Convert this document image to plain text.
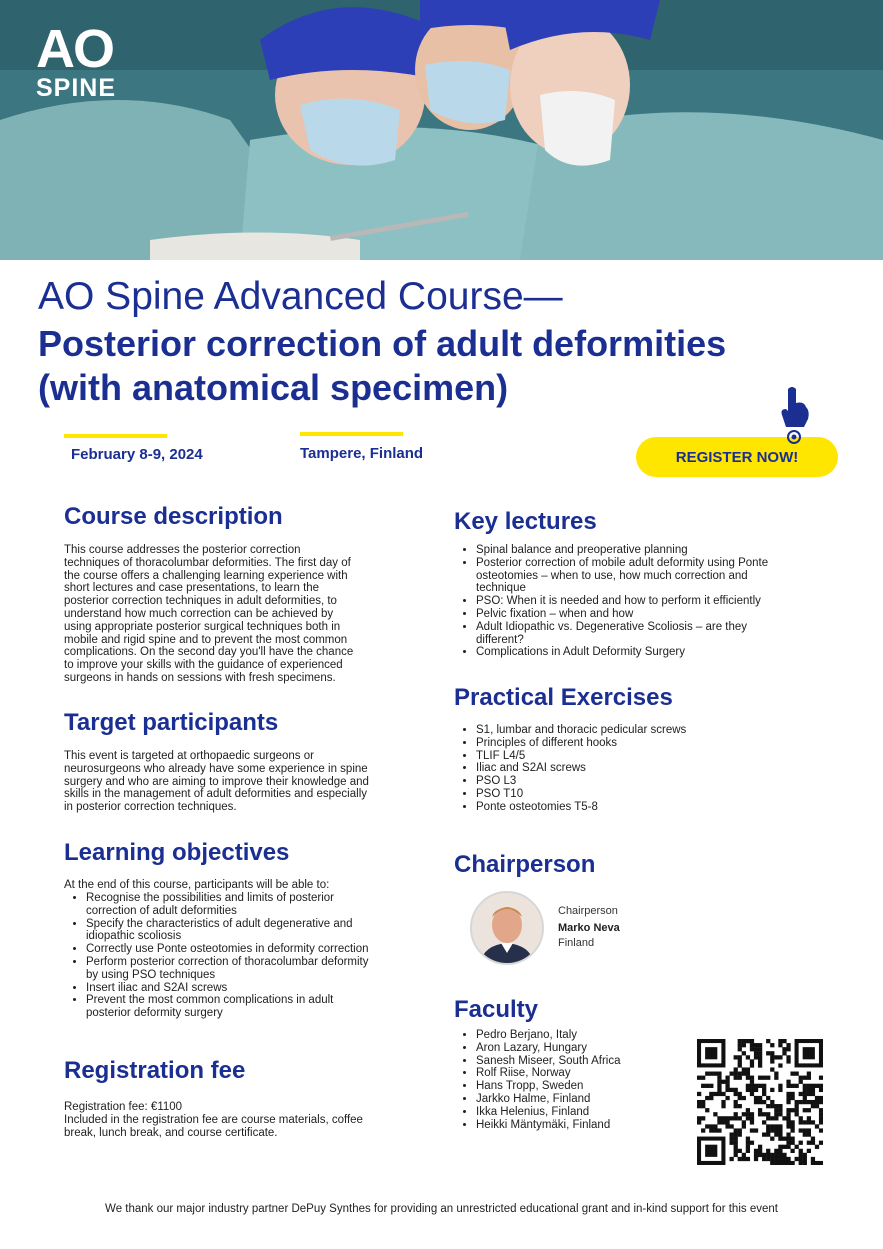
AO
SPINE
AO Spine Advanced Course—
Posterior correction of adult deformities
(with anatomical specimen)
February 8-9, 2024	Tampere, Finland	REGISTER NOW!
Course description
This course addresses the posterior correction
techniques of thoracolumbar deformities. The first day of
the course offers a challenging learning experience with
short lectures and case presentations, to learn the
posterior correction techniques in adult deformities, to
understand how much correction can be achieved by
using appropriate posterior surgical techniques both in
mobile and rigid spine and to prevent the most common
complications. On the second day you'll have the chance
to improve your skills with the guidance of experienced
surgeons in hands on sessions with fresh specimens.
Target participants
This event is targeted at orthopaedic surgeons or
neurosurgeons who already have some experience in spine
surgery and who are aiming to improve their knowledge and
skills in the management of adult deformities and especially
in posterior correction techniques.
Learning objectives
At the end of this course, participants will be able to:
• Recognise the possibilities and limits of posterior
correction of adult deformities
• Specify the characteristics of adult degenerative and
idiopathic scoliosis
• Correctly use Ponte osteotomies in deformity correction
• Perform posterior correction of thoracolumbar deformity
by using PSO techniques
• Insert iliac and S2AI screws
• Prevent the most common complications in adult
posterior deformity surgery
Registration fee
Registration fee: €1100
Included in the registration fee are course materials, coffee
break, lunch break, and course certificate.
Key lectures
• Spinal balance and preoperative planning
• Posterior correction of mobile adult deformity using Ponte
osteotomies – when to use, how much correction and
technique
• PSO: When it is needed and how to perform it efficiently
• Pelvic fixation – when and how
• Adult Idiopathic vs. Degenerative Scoliosis – are they
different?
• Complications in Adult Deformity Surgery
Practical Exercises
• S1, lumbar and thoracic pedicular screws
• Principles of different hooks
• TLIF L4/5
• Iliac and S2AI screws
• PSO L3
• PSO T10
• Ponte osteotomies T5-8
Chairperson
Chairperson
Marko Neva
Finland
Faculty
• Pedro Berjano, Italy
• Aron Lazary, Hungary
• Sanesh Miseer, South Africa
• Rolf Riise, Norway
• Hans Tropp, Sweden
• Jarkko Halme, Finland
• Ikka Helenius, Finland
• Heikki Mäntymäki, Finland
We thank our major industry partner DePuy Synthes for providing an unrestricted educational grant and in-kind support for this event
